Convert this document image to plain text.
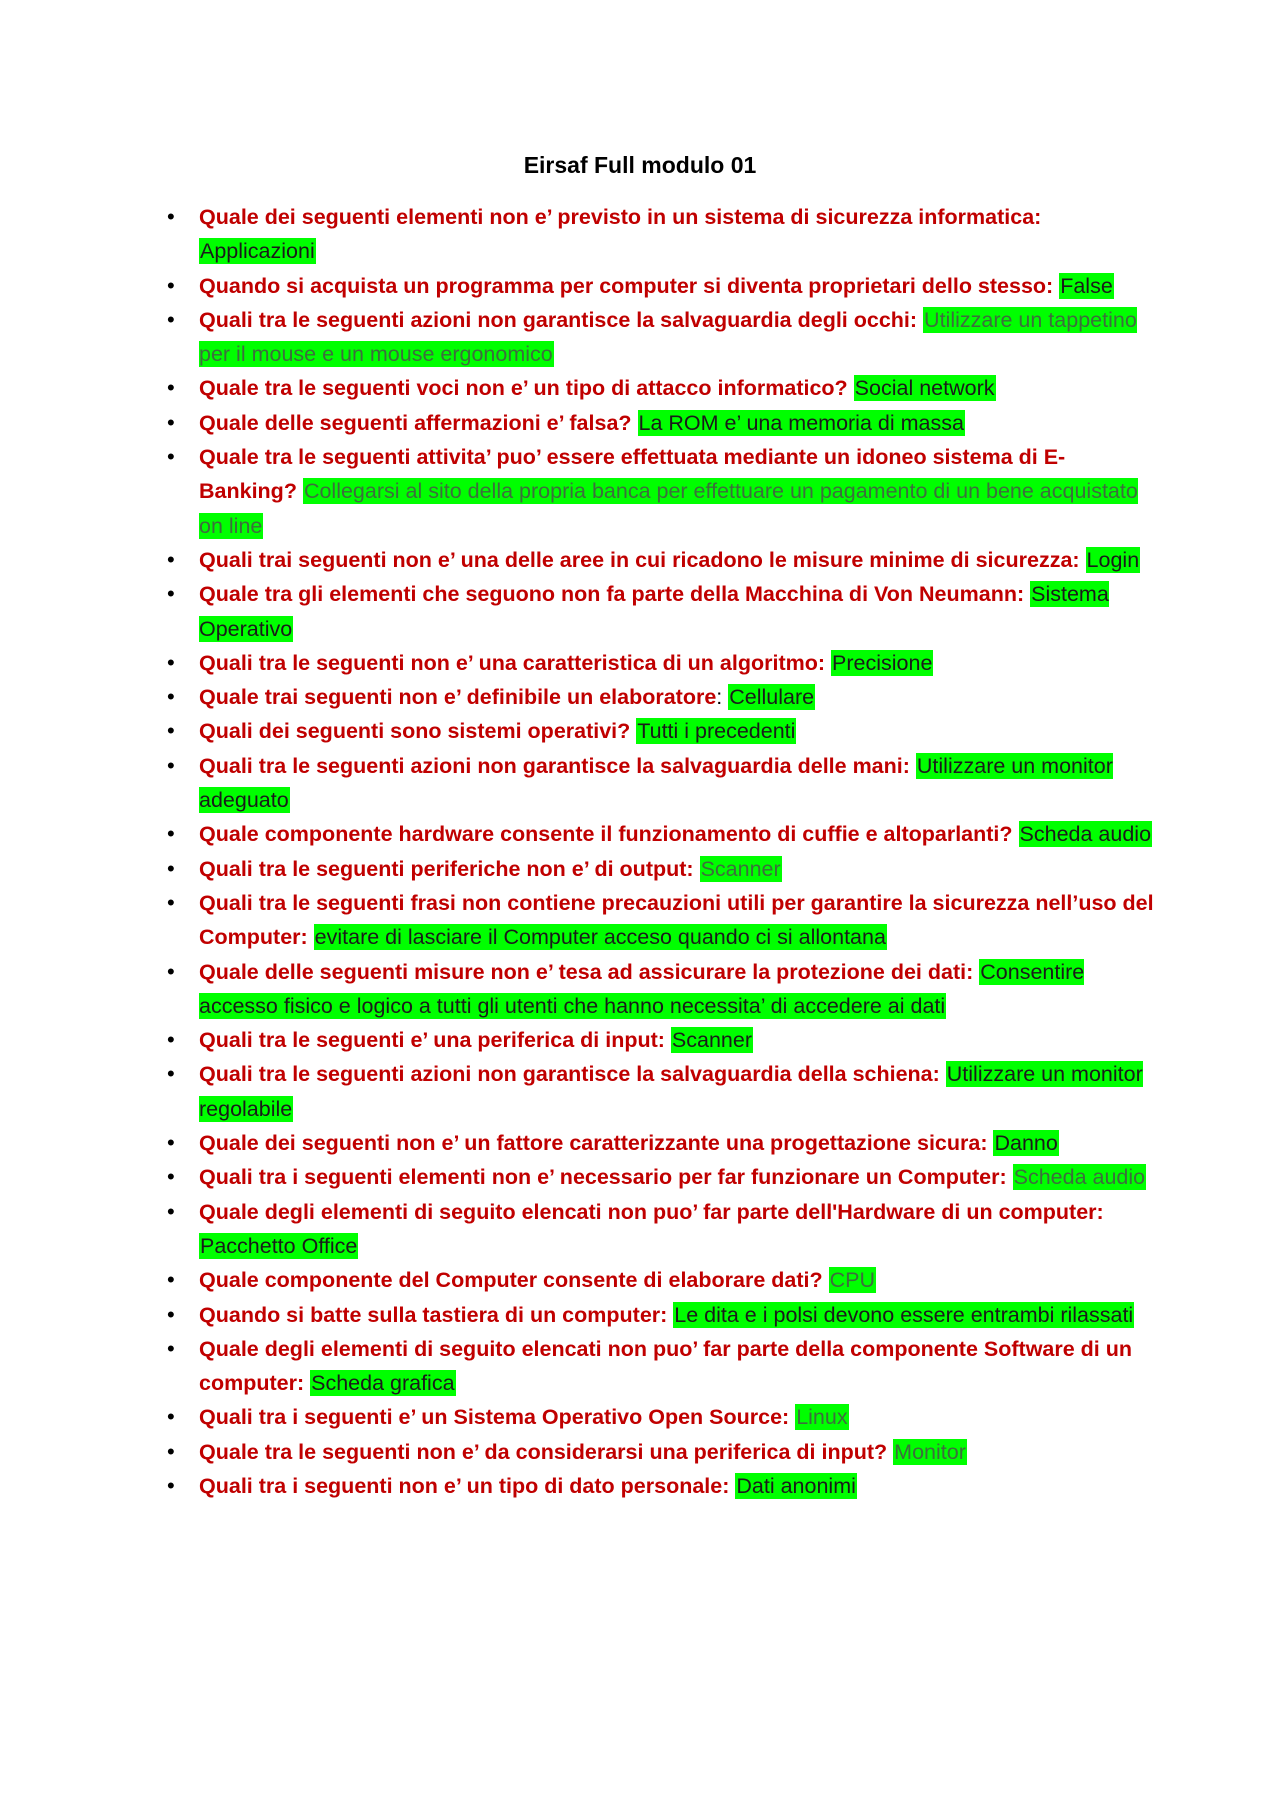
Eirsaf Full modulo 01
• Quale dei seguenti elementi non e’ previsto in un sistema di sicurezza informatica: Applicazioni
• Quando si acquista un programma per computer si diventa proprietari dello stesso: False
• Quali tra le seguenti azioni non garantisce la salvaguardia degli occhi: Utilizzare un tappetino per il mouse e un mouse ergonomico
• Quale tra le seguenti voci non e’ un tipo di attacco informatico? Social network
• Quale delle seguenti affermazioni e’ falsa? La ROM e’ una memoria di massa
• Quale tra le seguenti attivita’ puo’ essere effettuata mediante un idoneo sistema di E-Banking? Collegarsi al sito della propria banca per effettuare un pagamento di un bene acquistato on line
• Quali trai seguenti non e’ una delle aree in cui ricadono le misure minime di sicurezza: Login
• Quale tra gli elementi che seguono non fa parte della Macchina di Von Neumann: Sistema Operativo
• Quali tra le seguenti non e’ una caratteristica di un algoritmo: Precisione
• Quale trai seguenti non e’ definibile un elaboratore: Cellulare
• Quali dei seguenti sono sistemi operativi? Tutti i precedenti
• Quali tra le seguenti azioni non garantisce la salvaguardia delle mani: Utilizzare un monitor adeguato
• Quale componente hardware consente il funzionamento di cuffie e altoparlanti? Scheda audio
• Quali tra le seguenti periferiche non e’ di output: Scanner
• Quali tra le seguenti frasi non contiene precauzioni utili per garantire la sicurezza nell’uso del Computer: evitare di lasciare il Computer acceso quando ci si allontana
• Quale delle seguenti misure non e’ tesa ad assicurare la protezione dei dati: Consentire accesso fisico e logico a tutti gli utenti che hanno necessita’ di accedere ai dati
• Quali tra le seguenti e’ una periferica di input: Scanner
• Quali tra le seguenti azioni non garantisce la salvaguardia della schiena: Utilizzare un monitor regolabile
• Quale dei seguenti non e’ un fattore caratterizzante una progettazione sicura: Danno
• Quali tra i seguenti elementi non e’ necessario per far funzionare un Computer: Scheda audio
• Quale degli elementi di seguito elencati non puo’ far parte dell'Hardware di un computer: Pacchetto Office
• Quale componente del Computer consente di elaborare dati? CPU
• Quando si batte sulla tastiera di un computer: Le dita e i polsi devono essere entrambi rilassati
• Quale degli elementi di seguito elencati non puo’ far parte della componente Software di un computer: Scheda grafica
• Quali tra i seguenti e’ un Sistema Operativo Open Source: Linux
• Quale tra le seguenti non e’ da considerarsi una periferica di input? Monitor
• Quali tra i seguenti non e’ un tipo di dato personale: Dati anonimi
